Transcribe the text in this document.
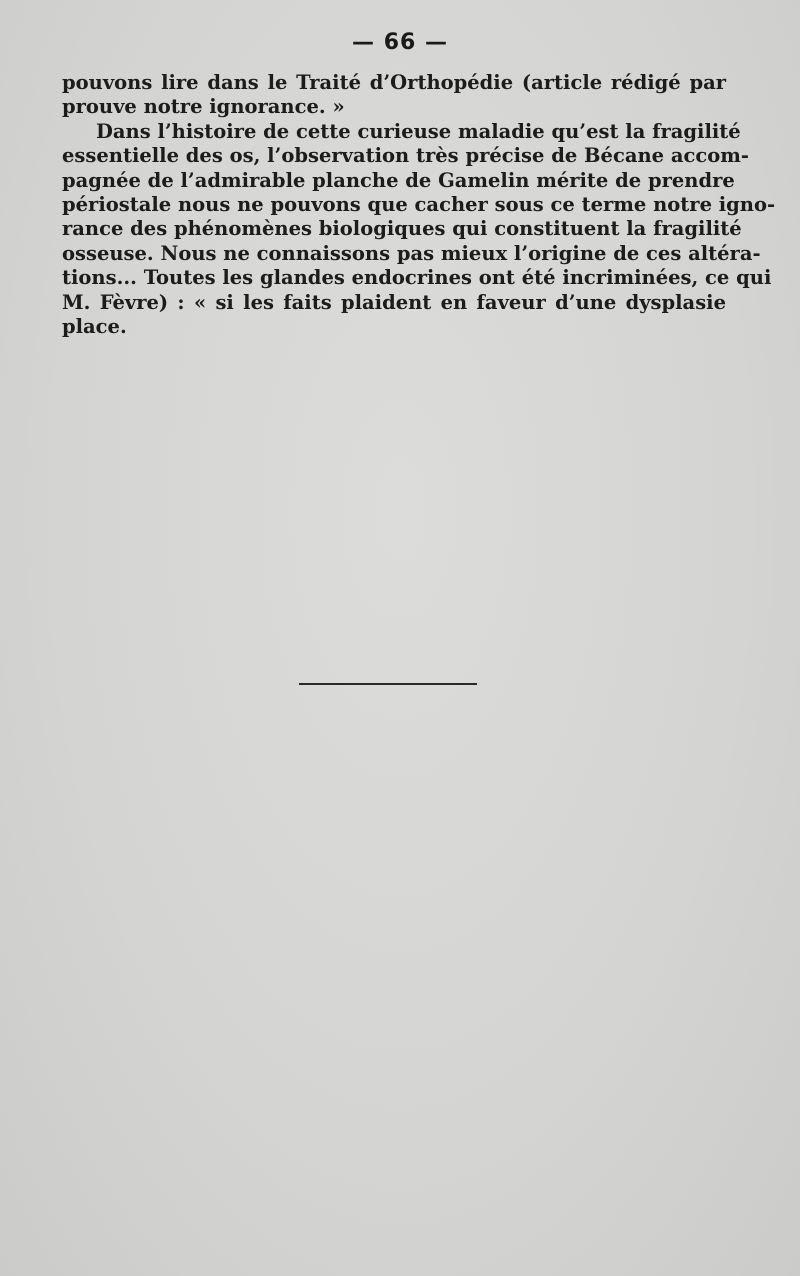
— 66 —
pouvons lire dans le Traité d’Orthopédie (article rédigé par
prouve notre ignorance. »
Dans l’histoire de cette curieuse maladie qu’est la fragilité
essentielle des os, l’observation très précise de Bécane accom-
pagnée de l’admirable planche de Gamelin mérite de prendre
périostale nous ne pouvons que cacher sous ce terme notre igno-
rance des phénomènes biologiques qui constituent la fragilité
osseuse. Nous ne connaissons pas mieux l’origine de ces altéra-
tions... Toutes les glandes endocrines ont été incriminées, ce qui
M. Fèvre) : « si les faits plaident en faveur d’une dysplasie
place.
